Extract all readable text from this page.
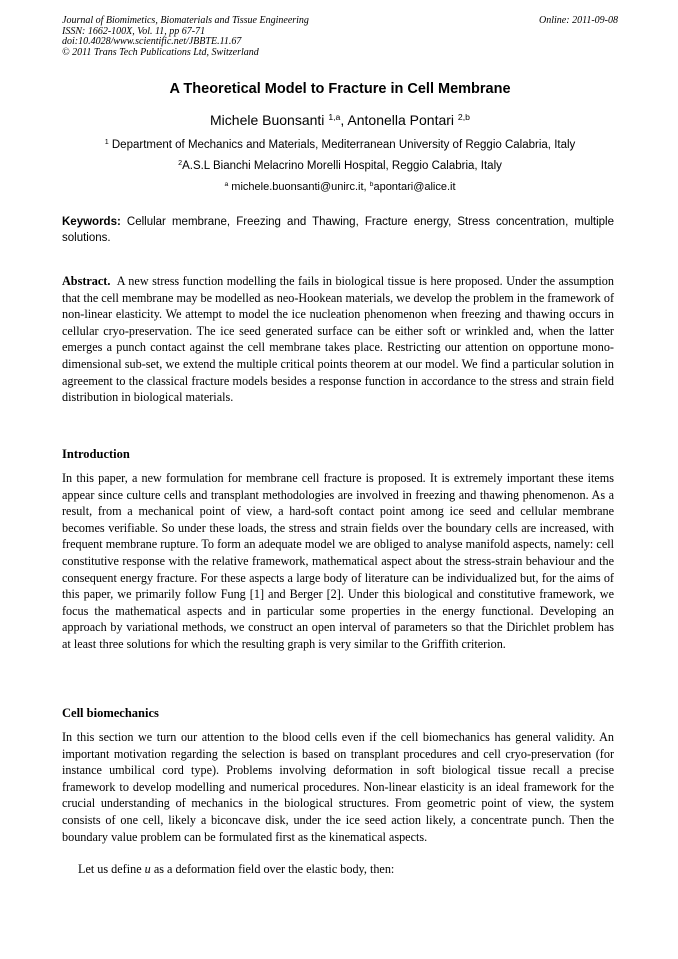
Journal of Biomimetics, Biomaterials and Tissue Engineering
ISSN: 1662-100X, Vol. 11, pp 67-71
doi:10.4028/www.scientific.net/JBBTE.11.67
© 2011 Trans Tech Publications Ltd, Switzerland
Online: 2011-09-08
A Theoretical Model to Fracture in Cell Membrane
Michele Buonsanti $^{1,a}$, Antonella Pontari $^{2,b}$
$^1$ Department of Mechanics and Materials, Mediterranean University of Reggio Calabria, Italy
$^2$A.S.L Bianchi Melacrino Morelli Hospital, Reggio Calabria, Italy
$^a$ michele.buonsanti@unirc.it, $^b$apontari@alice.it
Keywords: Cellular membrane, Freezing and Thawing, Fracture energy, Stress concentration, multiple solutions.
Abstract. A new stress function modelling the fails in biological tissue is here proposed. Under the assumption that the cell membrane may be modelled as neo-Hookean materials, we develop the problem in the framework of non-linear elasticity. We attempt to model the ice nucleation phenomenon when freezing and thawing occurs in cellular cryo-preservation. The ice seed generated surface can be either soft or wrinkled and, when the latter emerges a punch contact against the cell membrane takes place. Restricting our attention on opportune mono-dimensional sub-set, we extend the multiple critical points theorem at our model. We find a particular solution in agreement to the classical fracture models besides a response function in accordance to the stress and strain field distribution in biological materials.
Introduction
In this paper, a new formulation for membrane cell fracture is proposed. It is extremely important these items appear since culture cells and transplant methodologies are involved in freezing and thawing phenomenon. As a result, from a mechanical point of view, a hard-soft contact point among ice seed and cellular membrane becomes verifiable. So under these loads, the stress and strain fields over the boundary cells are increased, with frequent membrane rupture. To form an adequate model we are obliged to analyse manifold aspects, namely: cell constitutive response with the relative framework, mathematical aspect about the stress-strain behaviour and the consequent energy fracture. For these aspects a large body of literature can be individualized but, for the aims of this paper, we primarily follow Fung [1] and Berger [2]. Under this biological and constitutive framework, we focus the mathematical aspects and in particular some properties in the energy functional. Developing an approach by variational methods, we construct an open interval of parameters so that the Dirichlet problem has at least three solutions for which the resulting graph is very similar to the Griffith criterion.
Cell biomechanics
In this section we turn our attention to the blood cells even if the cell biomechanics has general validity. An important motivation regarding the selection is based on transplant procedures and cell cryo-preservation (for instance umbilical cord type). Problems involving deformation in soft biological tissue recall a precise framework to develop modelling and numerical procedures. Non-linear elasticity is an ideal framework for the crucial understanding of mechanics in the biological structures. From geometric point of view, the system consists of one cell, likely a biconcave disk, under the ice seed action likely, a concentrate punch. Then the boundary value problem can be formulated first as the kinematical aspects.
Let us define u as a deformation field over the elastic body, then:
